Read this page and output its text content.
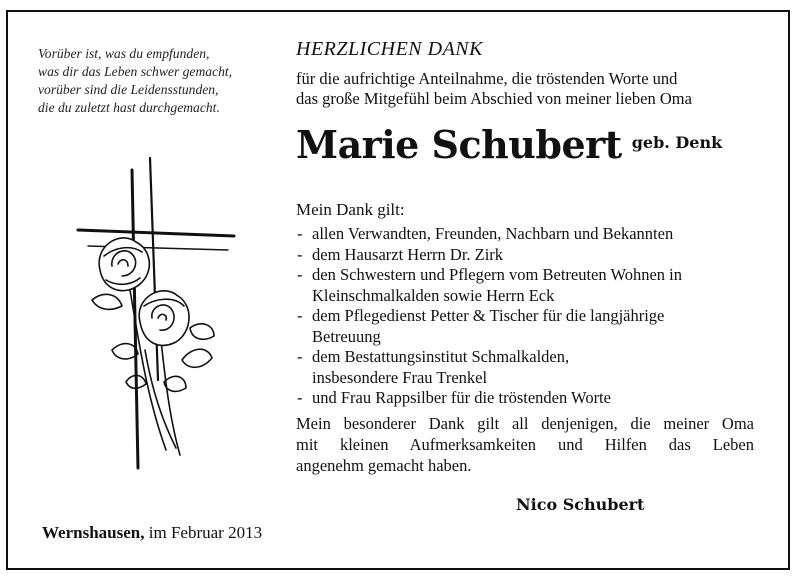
Vorüber ist, was du empfunden,
was dir das Leben schwer gemacht,
vorüber sind die Leidensstunden,
die du zuletzt hast durchgemacht.
HERZLICHEN DANK
für die aufrichtige Anteilnahme, die tröstenden Worte und
das große Mitgefühl beim Abschied von meiner lieben Oma
Marie Schubert geb. Denk
Mein Dank gilt:
- allen Verwandten, Freunden, Nachbarn und Bekannten
- dem Hausarzt Herrn Dr. Zirk
- den Schwestern und Pflegern vom Betreuten Wohnen in
Kleinschmalkalden sowie Herrn Eck
- dem Pflegedienst Petter & Tischer für die langjährige
Betreuung
- dem Bestattungsinstitut Schmalkalden,
insbesondere Frau Trenkel
- und Frau Rappsilber für die tröstenden Worte
Mein besonderer Dank gilt all denjenigen, die meiner Oma
mit kleinen Aufmerksamkeiten und Hilfen das Leben
angenehm gemacht haben.
Nico Schubert
Wernshausen, im Februar 2013
